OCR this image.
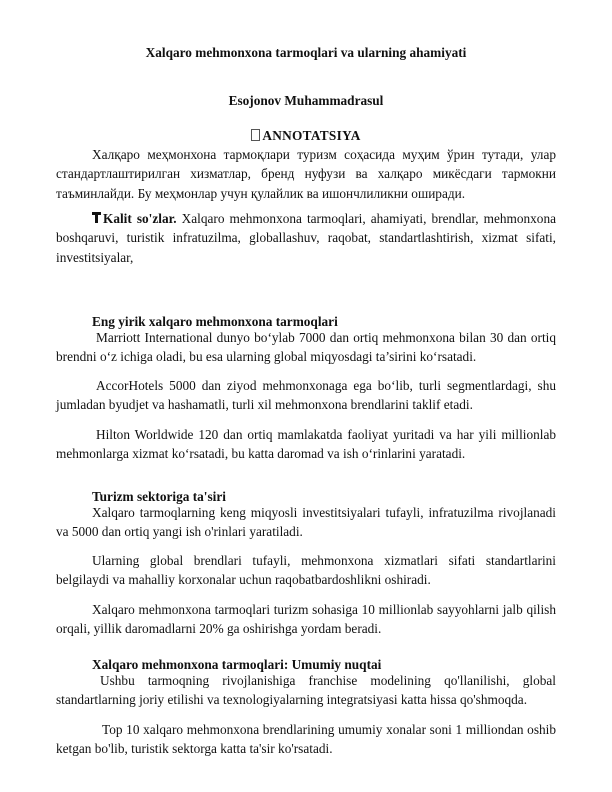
Xalqaro mehmonxona tarmoqlari va ularning ahamiyati
Esojonov Muhammadrasul
ANNOTATSIYA

Халқаро меҳмонхона тармоқлари туризм соҳасида муҳим ўрин тутади, улар стандартлаштирилган хизматлар, бренд нуфузи ва халқаро микёсдаги тармокни таъминлайди. Бу меҳмонлар учун қулайлик ва ишончлиликни оширади.

Kalit so'zlar. Xalqaro mehmonxona tarmoqlari, ahamiyati, brendlar, mehmonxona boshqaruvi, turistik infratuzilma, globallashuv, raqobat, standartlashtirish, xizmat sifati, investitsiyalar,

Eng yirik xalqaro mehmonxona tarmoqlari

Marriott International dunyo bo‘ylab 7000 dan ortiq mehmonxona bilan 30 dan ortiq brendni o‘z ichiga oladi, bu esa ularning global miqyosdagi ta’sirini ko‘rsatadi.

AccorHotels 5000 dan ziyod mehmonxonaga ega bo‘lib, turli segmentlardagi, shu jumladan byudjet va hashamatli, turli xil mehmonxona brendlarini taklif etadi.

Hilton Worldwide 120 dan ortiq mamlakatda faoliyat yuritadi va har yili millionlab mehmonlarga xizmat ko‘rsatadi, bu katta daromad va ish o‘rinlarini yaratadi.

Turizm sektoriga ta'siri

Xalqaro tarmoqlarning keng miqyosli investitsiyalari tufayli, infratuzilma rivojlanadi va 5000 dan ortiq yangi ish o'rinlari yaratiladi.

Ularning global brendlari tufayli, mehmonxona xizmatlari sifati standartlarini belgilaydi va mahalliy korxonalar uchun raqobatbardoshlikni oshiradi.

Xalqaro mehmonxona tarmoqlari turizm sohasiga 10 millionlab sayyohlarni jalb qilish orqali, yillik daromadlarni 20% ga oshirishga yordam beradi.

Xalqaro mehmonxona tarmoqlari: Umumiy nuqtai

Ushbu tarmoqning rivojlanishiga franchise modelining qo'llanilishi, global standartlarning joriy etilishi va texnologiyalarning integratsiyasi katta hissa qo'shmoqda.

Top 10 xalqaro mehmonxona brendlarining umumiy xonalar soni 1 milliondan oshib ketgan bo'lib, turistik sektorga katta ta'sir ko'rsatadi.
